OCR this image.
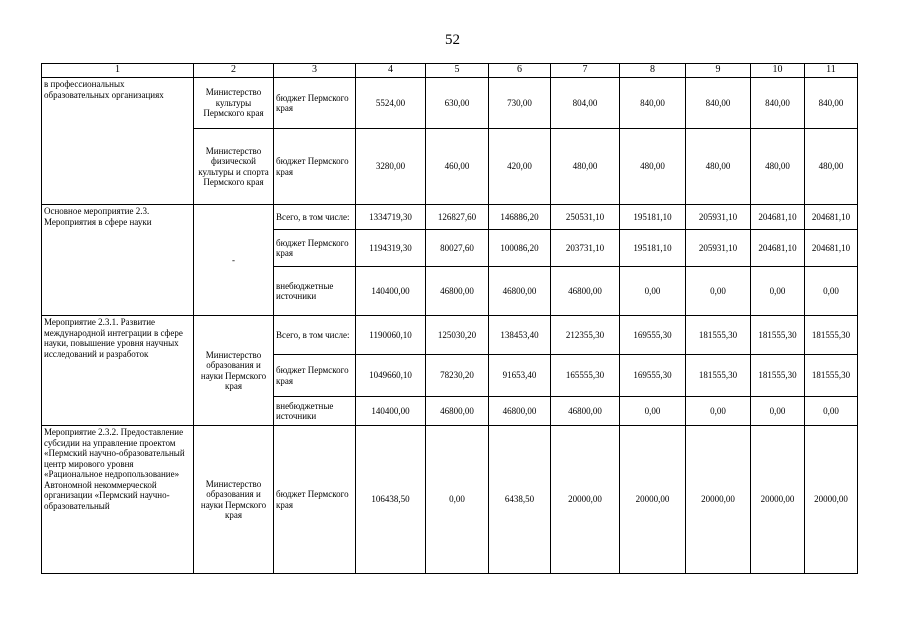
52
1	2	3	4	5	6	7	8	9	10	11
в профессиональных образовательных организациях	Министерство культуры Пермского края	бюджет Пермского края	5524,00	630,00	730,00	804,00	840,00	840,00	840,00	840,00
	Министерство физической культуры и спорта Пермского края	бюджет Пермского края	3280,00	460,00	420,00	480,00	480,00	480,00	480,00	480,00
Основное мероприятие 2.3. Мероприятия в сфере науки	-	Всего, в том числе:	1334719,30	126827,60	146886,20	250531,10	195181,10	205931,10	204681,10	204681,10
		бюджет Пермского края	1194319,30	80027,60	100086,20	203731,10	195181,10	205931,10	204681,10	204681,10
		внебюджетные источники	140400,00	46800,00	46800,00	46800,00	0,00	0,00	0,00	0,00
Мероприятие 2.3.1. Развитие международной интеграции в сфере науки, повышение уровня научных исследований и разработок	Министерство образования и науки Пермского края	Всего, в том числе:	1190060,10	125030,20	138453,40	212355,30	169555,30	181555,30	181555,30	181555,30
		бюджет Пермского края	1049660,10	78230,20	91653,40	165555,30	169555,30	181555,30	181555,30	181555,30
		внебюджетные источники	140400,00	46800,00	46800,00	46800,00	0,00	0,00	0,00	0,00
Мероприятие 2.3.2. Предоставление субсидии на управление проектом «Пермский научно-образовательный центр мирового уровня «Рациональное недропользование» Автономной некоммерческой организации «Пермский научно-образовательный	Министерство образования и науки Пермского края	бюджет Пермского края	106438,50	0,00	6438,50	20000,00	20000,00	20000,00	20000,00	20000,00
